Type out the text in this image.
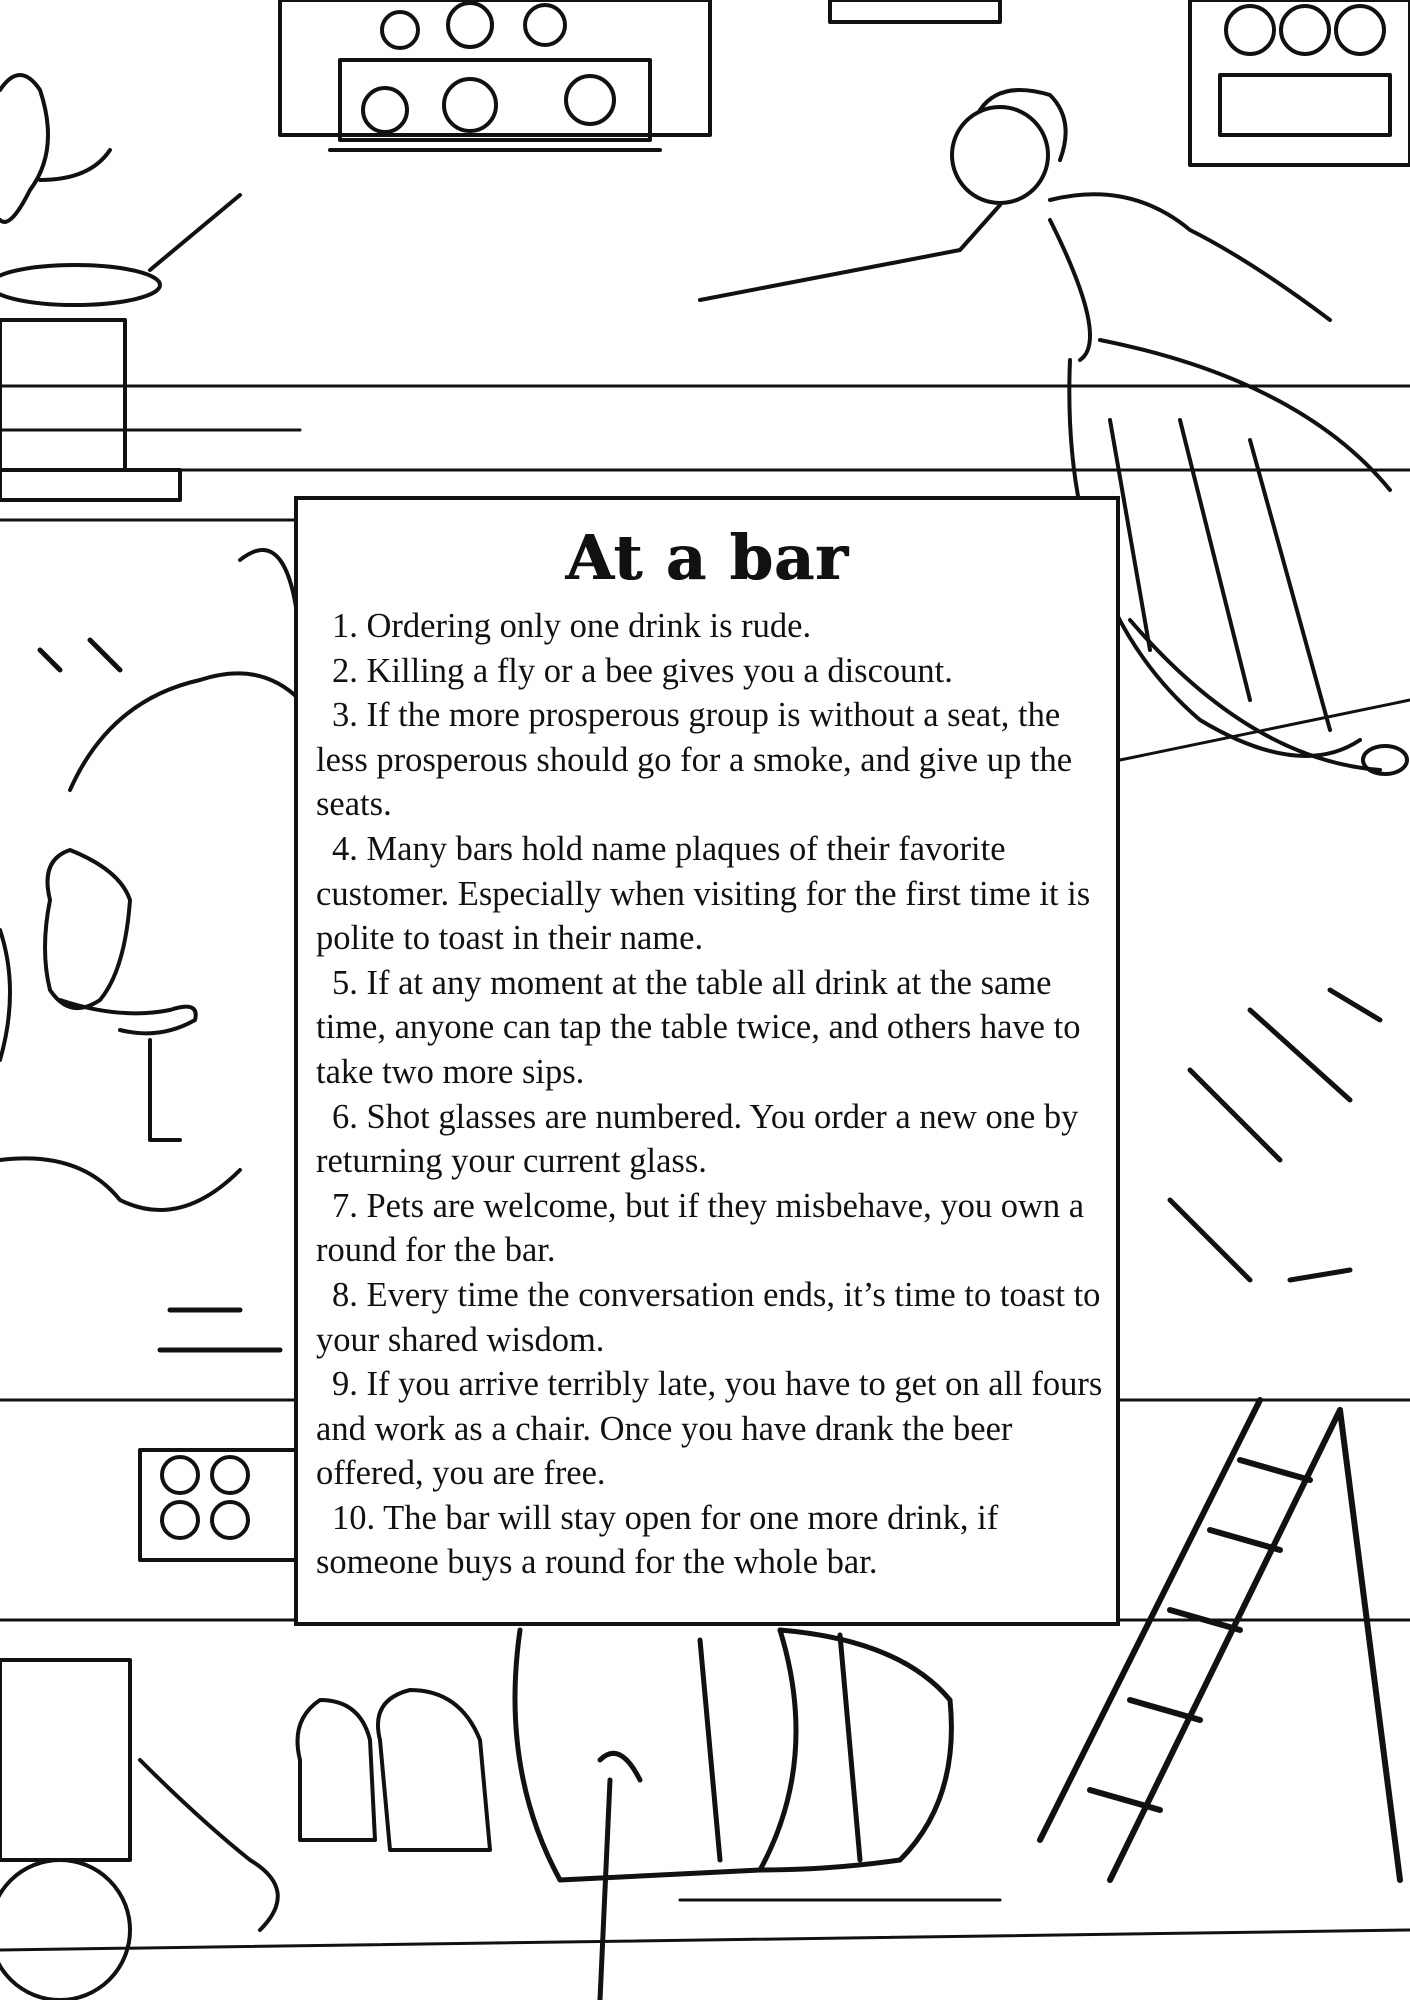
At a bar

1. Ordering only one drink is rude.

2. Killing a fly or a bee gives you a discount.

3. If the more prosperous group is without a seat, the less prosperous should go for a smoke, and give up the seats.

4. Many bars hold name plaques of their favorite customer. Especially when visiting for the first time it is polite to toast in their name.

5. If at any moment at the table all drink at the same time, anyone can tap the table twice, and others have to take two more sips.

6. Shot glasses are numbered. You order a new one by returning your current glass.

7. Pets are welcome, but if they misbehave, you own a round for the bar.

8. Every time the conversation ends, it’s time to toast to your shared wisdom.

9. If you arrive terribly late, you have to get on all fours and work as a chair. Once you have drank the beer offered, you are free.

10. The bar will stay open for one more drink, if someone buys a round for the whole bar.
